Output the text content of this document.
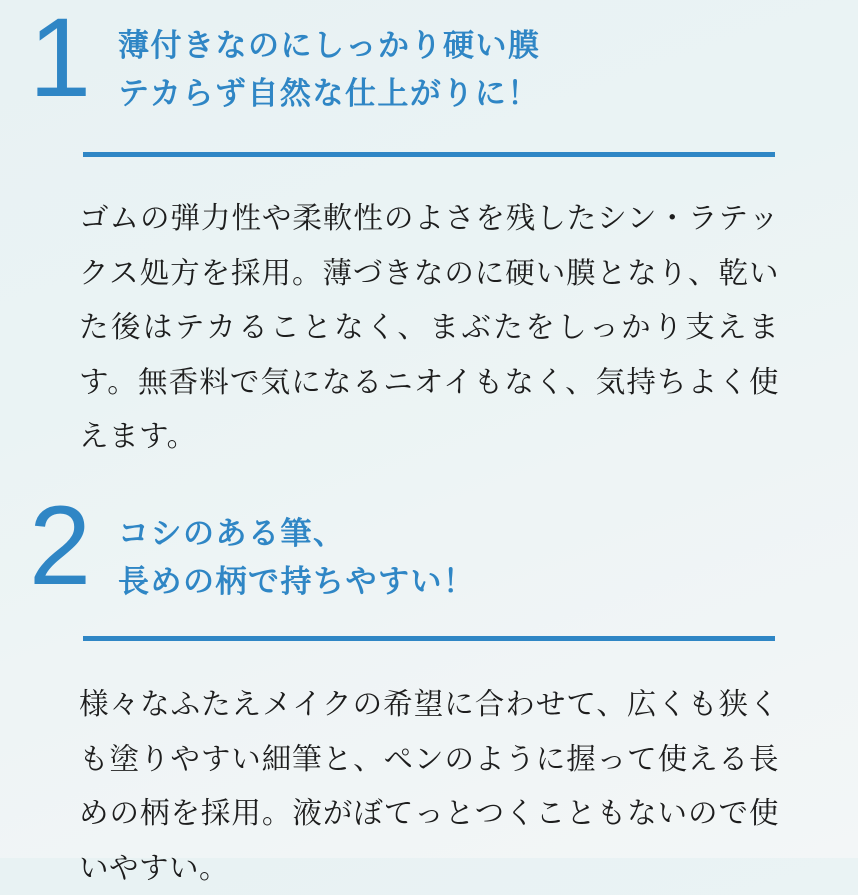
1 薄付きなのにしっかり硬い膜
テカらず自然な仕上がりに！
ゴムの弾力性や柔軟性のよさを残したシン・ラテックス処方を採用。薄づきなのに硬い膜となり、乾いた後はテカることなく、まぶたをしっかり支えます。無香料で気になるニオイもなく、気持ちよく使えます。
2 コシのある筆、
長めの柄で持ちやすい！
様々なふたえメイクの希望に合わせて、広くも狭くも塗りやすい細筆と、ペンのように握って使える長めの柄を採用。液がぼてっとつくこともないので使いやすい。
